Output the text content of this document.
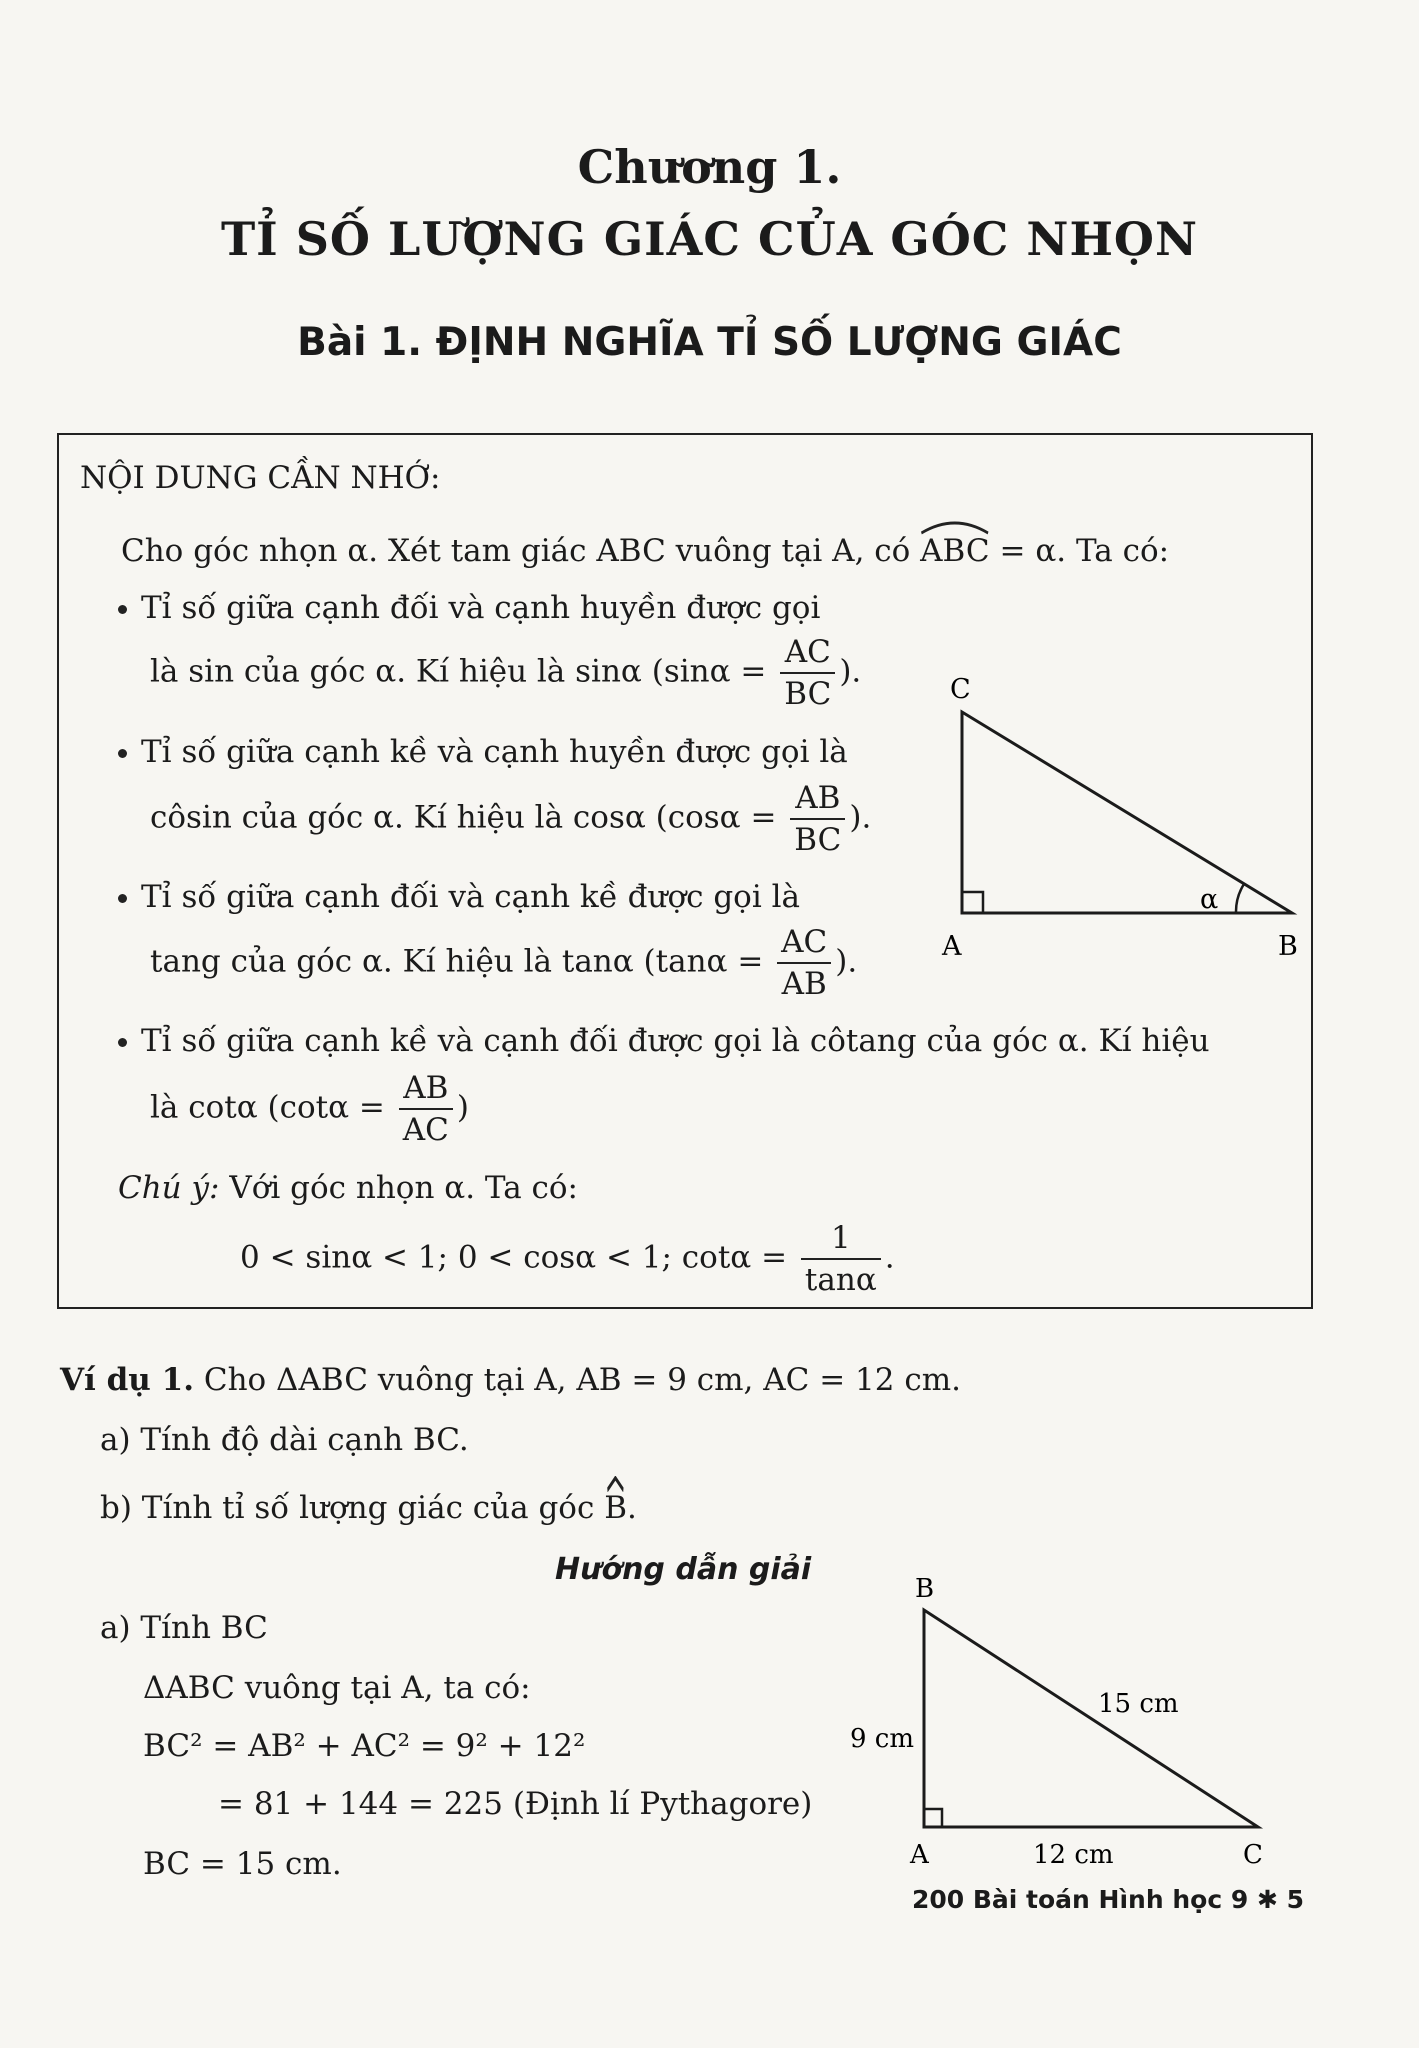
Chương 1.
TỈ SỐ LƯỢNG GIÁC CỦA GÓC NHỌN
Bài 1. ĐỊNH NGHĨA TỈ SỐ LƯỢNG GIÁC
NỘI DUNG CẦN NHỚ:
Cho góc nhọn α. Xét tam giác ABC vuông tại A, có ABC = α. Ta có:
Tỉ số giữa cạnh đối và cạnh huyền được gọi
là sin của góc α. Kí hiệu là sinα ($\sin\alpha = \frac{AC}{BC}$ ).
Tỉ số giữa cạnh kề và cạnh huyền được gọi là
côsin của góc α. Kí hiệu là cosα ($\cos\alpha = \frac{AB}{BC}$ ).
Tỉ số giữa cạnh đối và cạnh kề được gọi là
tang của góc α. Kí hiệu là tanα ($\tan\alpha = \frac{AC}{AB}$ ).
Tỉ số giữa cạnh kề và cạnh đối được gọi là côtang của góc α. Kí hiệu
là cotα ($\cot\alpha = \frac{AB}{AC}$ )
Chú ý: Với góc nhọn α. Ta có:
0 < sinα < 1; 0 < cosα < 1; $\cot\alpha = \frac{1}{\tan\alpha}$ .
C
A	B
α
Ví dụ 1. Cho ΔABC vuông tại A, AB = 9 cm, AC = 12 cm.
a) Tính độ dài cạnh BC.
b) Tính tỉ số lượng giác của góc B.
Hướng dẫn giải
a) Tính BC
ΔABC vuông tại A, ta có:
BC² = AB² + AC² = 9² + 12²
= 81 + 144 = 225 (Định lí Pythagore)
BC = 15 cm.
B
A	C
9 cm
12 cm
15 cm
200 Bài toán Hình học 9 ✱ 5
